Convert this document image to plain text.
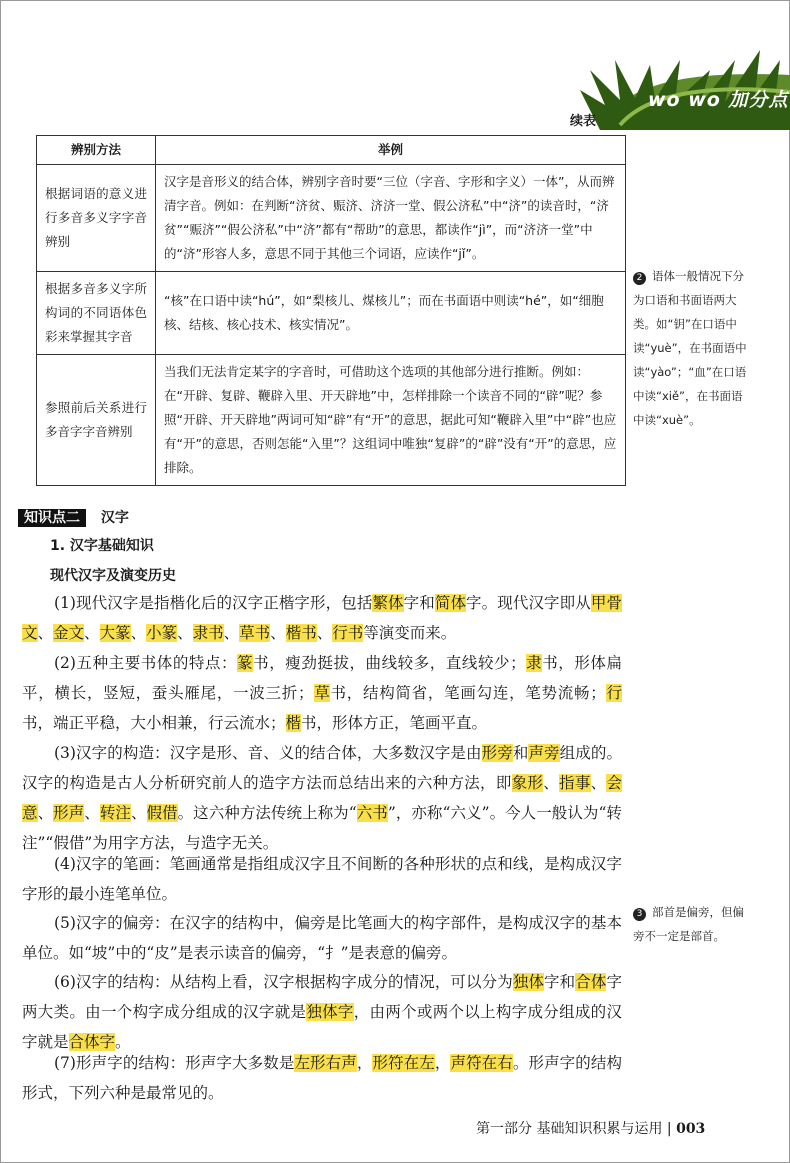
wo wo 加分点
续表
辨别方法	举例
根据词语的意义进行多音多义字字音辨别	汉字是音形义的结合体，辨别字音时要“三位（字音、字形和字义）一体”，从而辨清字音。例如：在判断“济贫、赈济、济济一堂、假公济私”中“济”的读音时，“济贫”“赈济”“假公济私”中“济”都有“帮助”的意思，都读作“jì”，而“济济一堂”中的“济”形容人多，意思不同于其他三个词语，应读作“jǐ”。
根据多音多义字所构词的不同语体色彩来掌握其字音	“核”在口语中读“hú”，如“梨核儿、煤核儿”；而在书面语中则读“hé”，如“细胞核、结核、核心技术、核实情况”。
参照前后关系进行多音字字音辨别	当我们无法肯定某字的字音时，可借助这个选项的其他部分进行推断。例如：在“开辟、复辟、鞭辟入里、开天辟地”中，怎样排除一个读音不同的“辟”呢？参照“开辟、开天辟地”两词可知“辟”有“开”的意思，据此可知“鞭辟入里”中“辟”也应有“开”的意思，否则怎能“入里”？这组词中唯独“复辟”的“辟”没有“开”的意思，应排除。
知识点二 汉字
1. 汉字基础知识
现代汉字及演变历史
(1)现代汉字是指楷化后的汉字正楷字形，包括繁体字和简体字。现代汉字即从甲骨文、金文、大篆、小篆、隶书、草书、楷书、行书等演变而来。
(2)五种主要书体的特点：篆书，瘦劲挺拔，曲线较多，直线较少；隶书，形体扁平，横长，竖短，蚕头雁尾，一波三折；草书，结构简省，笔画勾连，笔势流畅；行书，端正平稳，大小相兼，行云流水；楷书，形体方正，笔画平直。
(3)汉字的构造：汉字是形、音、义的结合体，大多数汉字是由形旁和声旁组成的。汉字的构造是古人分析研究前人的造字方法而总结出来的六种方法，即象形、指事、会意、形声、转注、假借。这六种方法传统上称为“六书”，亦称“六义”。今人一般认为“转注”“假借”为用字方法，与造字无关。
(4)汉字的笔画：笔画通常是指组成汉字且不间断的各种形状的点和线，是构成汉字字形的最小连笔单位。
(5)汉字的偏旁：在汉字的结构中，偏旁是比笔画大的构字部件，是构成汉字的基本单位。如“坡”中的“皮”是表示读音的偏旁，“扌”是表意的偏旁。
(6)汉字的结构：从结构上看，汉字根据构字成分的情况，可以分为独体字和合体字两大类。由一个构字成分组成的汉字就是独体字，由两个或两个以上构字成分组成的汉字就是合体字。
(7)形声字的结构：形声字大多数是左形右声，形符在左，声符在右。形声字的结构形式，下列六种是最常见的。
2 语体一般情况下分为口语和书面语两大类。如“钥”在口语中读“yuè”，在书面语中读“yào”；“血”在口语中读“xiě”，在书面语中读“xuè”。
3 部首是偏旁，但偏旁不一定是部首。
第一部分 基础知识积累与运用 | 003
